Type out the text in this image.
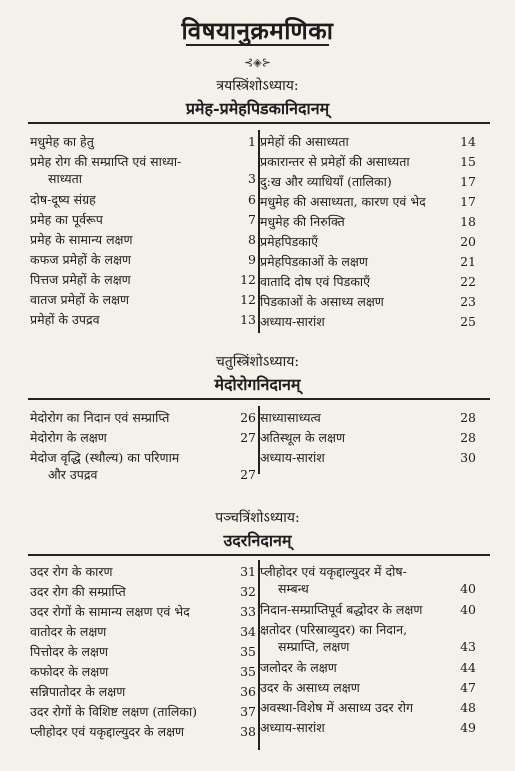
विषयानुक्रमणिका
⊰◈⊱
त्रयस्त्रिंशोऽध्याय:
प्रमेह-प्रमेहपिडकानिदानम्
मधुमेह का हेतु	1
प्रमेह रोग की सम्प्राप्ति एवं साध्या-
साध्यता	3
दोष-दूष्य संग्रह	6
प्रमेह का पूर्वरूप	7
प्रमेह के सामान्य लक्षण	8
कफज प्रमेहों के लक्षण	9
पित्तज प्रमेहों के लक्षण	12
वातज प्रमेहों के लक्षण	12
प्रमेहों के उपद्रव	13
प्रमेहों की असाध्यता	14
प्रकारान्तर से प्रमेहों की असाध्यता	15
दु:ख और व्याधियाँ (तालिका)	17
मधुमेह की असाध्यता, कारण एवं भेद	17
मधुमेह की निरुक्ति	18
प्रमेहपिडकाएँ	20
प्रमेहपिडकाओं के लक्षण	21
वातादि दोष एवं पिडकाएँ	22
पिडकाओं के असाध्य लक्षण	23
अध्याय-सारांश	25
चतुस्त्रिंशोऽध्याय:
मेदोरोगनिदानम्
मेदोरोग का निदान एवं सम्प्राप्ति	26
मेदोरोग के लक्षण	27
मेदोज वृद्धि (स्थौल्य) का परिणाम
और उपद्रव	27
साध्यासाध्यत्व	28
अतिस्थूल के लक्षण	28
अध्याय-सारांश	30
पञ्चत्रिंशोऽध्याय:
उदरनिदानम्
उदर रोग के कारण	31
उदर रोग की सम्प्राप्ति	32
उदर रोगों के सामान्य लक्षण एवं भेद	33
वातोदर के लक्षण	34
पित्तोदर के लक्षण	35
कफोदर के लक्षण	35
सन्निपातोदर के लक्षण	36
उदर रोगों के विशिष्ट लक्षण (तालिका)	37
प्लीहोदर एवं यकृद्दाल्युदर के लक्षण	38
प्लीहोदर एवं यकृद्दाल्युदर में दोष-
सम्बन्ध	40
निदान-सम्प्राप्तिपूर्व बद्धोदर के लक्षण	40
क्षतोदर (परिस्राव्युदर) का निदान,
सम्प्राप्ति, लक्षण	43
जलोदर के लक्षण	44
उदर के असाध्य लक्षण	47
अवस्था-विशेष में असाध्य उदर रोग	48
अध्याय-सारांश	49
